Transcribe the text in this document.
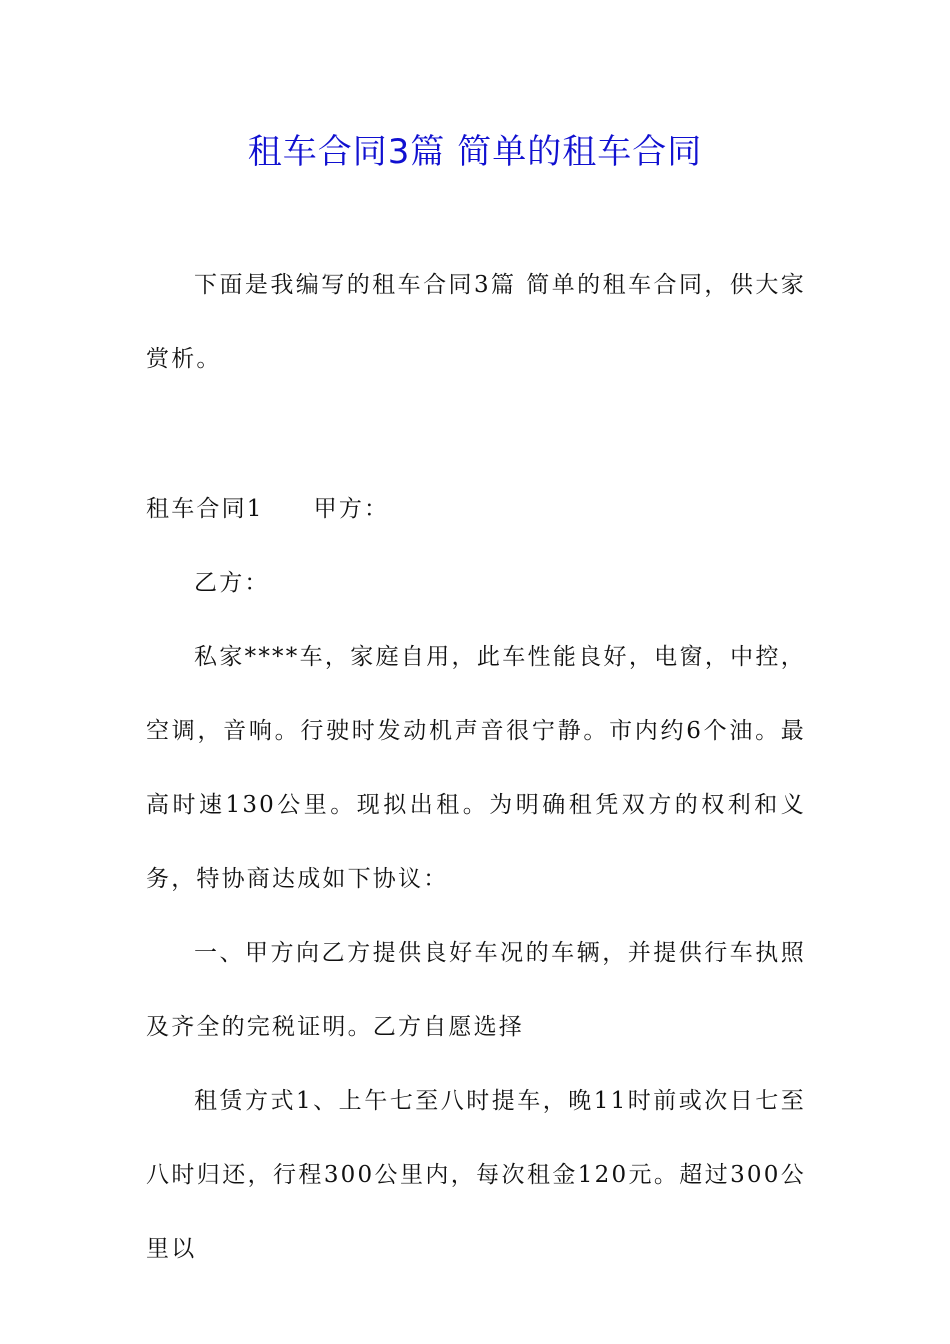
租车合同3篇 简单的租车合同

下面是我编写的租车合同3篇 简单的租车合同，供大家赏析。

租车合同1 甲方：

乙方：

私家****车，家庭自用，此车性能良好，电窗，中控，空调，音响。行驶时发动机声音很宁静。市内约6个油。最高时速130公里。现拟出租。为明确租凭双方的权利和义务，特协商达成如下协议：

一、甲方向乙方提供良好车况的车辆，并提供行车执照及齐全的完税证明。乙方自愿选择

租赁方式1、上午七至八时提车，晚11时前或次日七至八时归还，行程300公里内，每次租金120元。超过300公里以
